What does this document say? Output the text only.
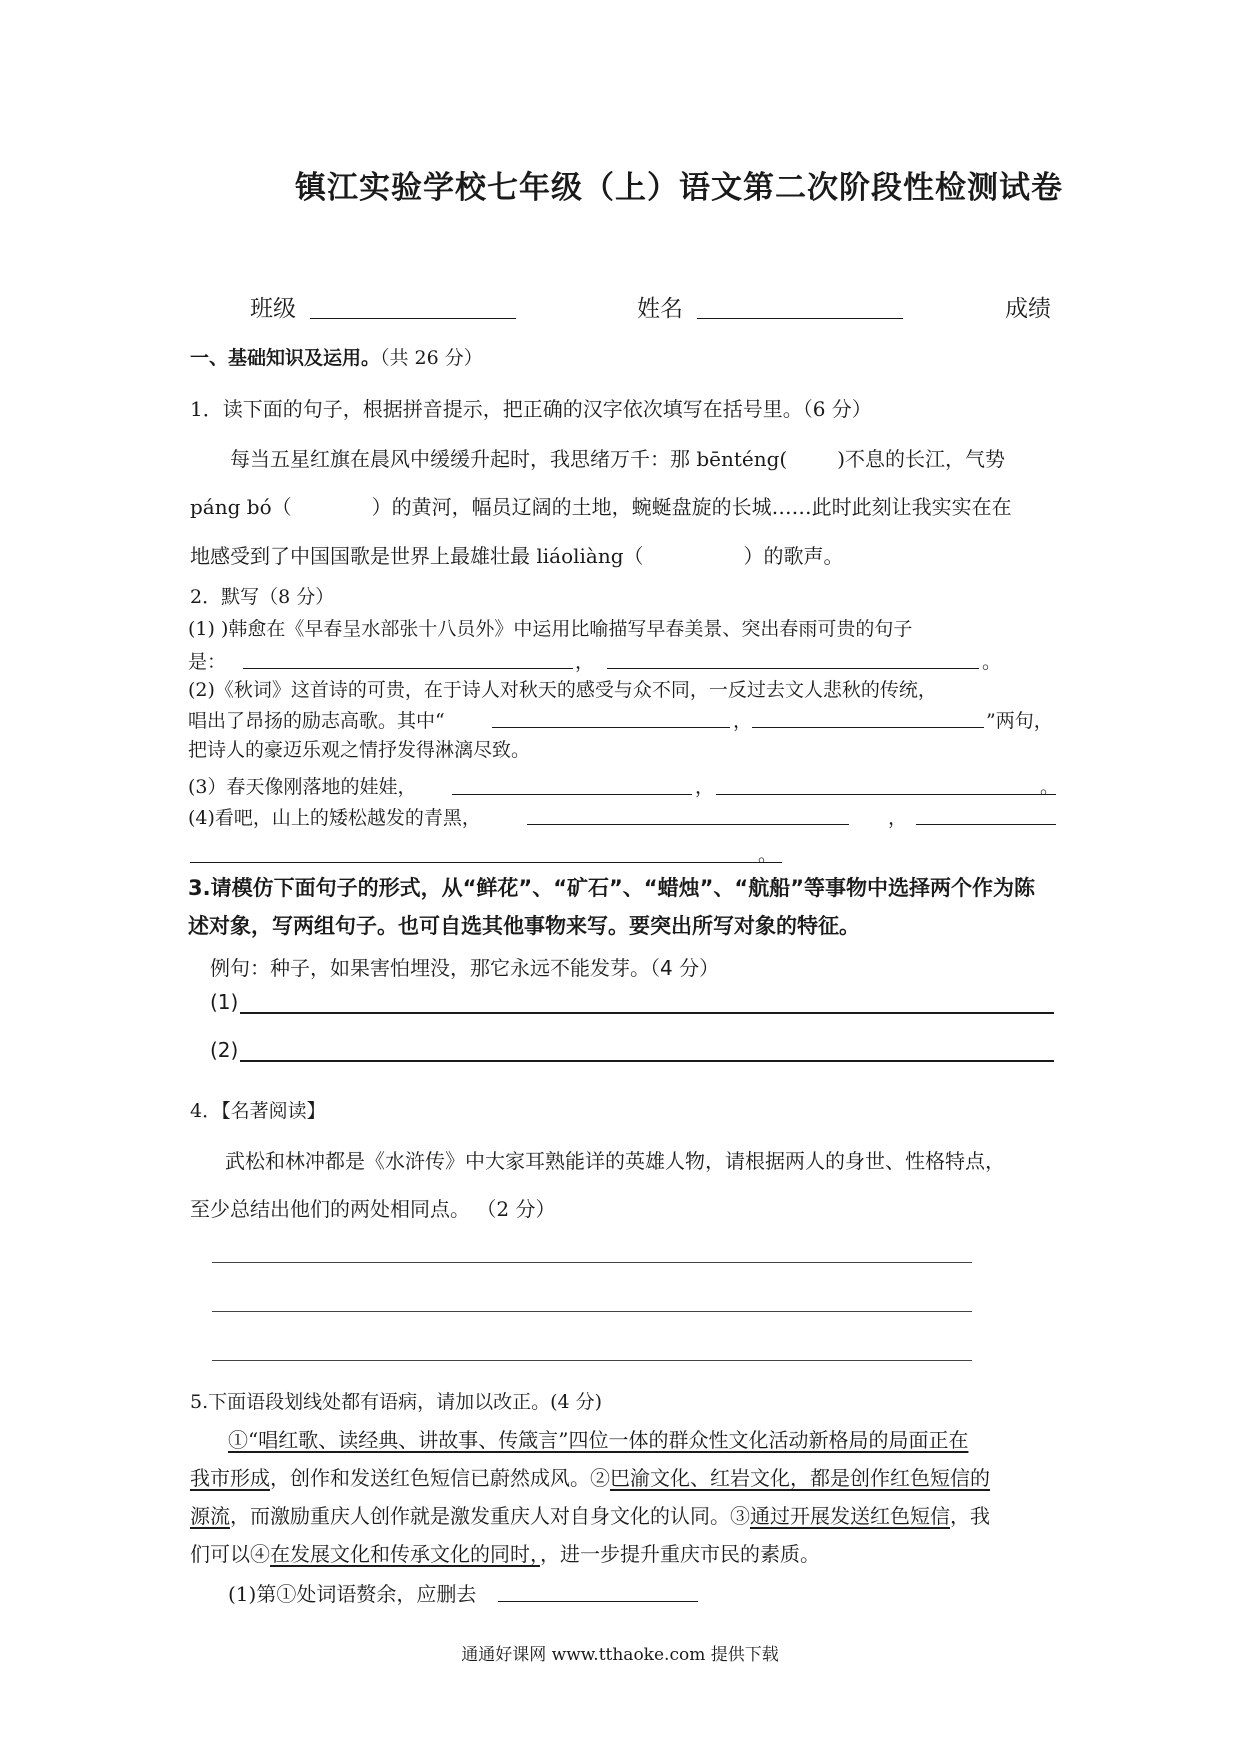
镇江实验学校七年级（上）语文第二次阶段性检测试卷
班级	姓名	成绩
一、基础知识及运用。（共 26 分）
1．读下面的句子，根据拼音提示，把正确的汉字依次填写在括号里。（6 分）
每当五星红旗在晨风中缓缓升起时，我思绪万千：那 bēnténg(	)不息的长江，气势
páng bó（	）的黄河，幅员辽阔的土地，蜿蜒盘旋的长城……此时此刻让我实实在在
地感受到了中国国歌是世界上最雄壮最 liáoliàng（	）的歌声。
2．默写（8 分）
(1) )韩愈在《早春呈水部张十八员外》中运用比喻描写早春美景、突出春雨可贵的句子
是：	，	。
(2)《秋词》这首诗的可贵，在于诗人对秋天的感受与众不同，一反过去文人悲秋的传统，
唱出了昂扬的励志高歌。其中“	，	”两句，
把诗人的豪迈乐观之情抒发得淋漓尽致。
(3）春天像刚落地的娃娃，	，	。
(4)看吧，山上的矮松越发的青黑，	，
。
3.请模仿下面句子的形式，从“鲜花”、“矿石”、“蜡烛”、“航船”等事物中选择两个作为陈
述对象，写两组句子。也可自选其他事物来写。要突出所写对象的特征。
例句：种子，如果害怕埋没，那它永远不能发芽。（4 分）
(1)
(2)
4．【名著阅读】
武松和林冲都是《水浒传》中大家耳熟能详的英雄人物，请根据两人的身世、性格特点，
至少总结出他们的两处相同点。 （2 分）
5.下面语段划线处都有语病，请加以改正。(4 分)
①“唱红歌、读经典、讲故事、传箴言”四位一体的群众性文化活动新格局的局面正在
我市形成，创作和发送红色短信已蔚然成风。②巴渝文化、红岩文化，都是创作红色短信的
源流，而激励重庆人创作就是激发重庆人对自身文化的认同。③通过开展发送红色短信，我
们可以④在发展文化和传承文化的同时，，进一步提升重庆市民的素质。
(1)第①处词语赘余，应删去
通通好课网 www.tthaoke.com 提供下载
